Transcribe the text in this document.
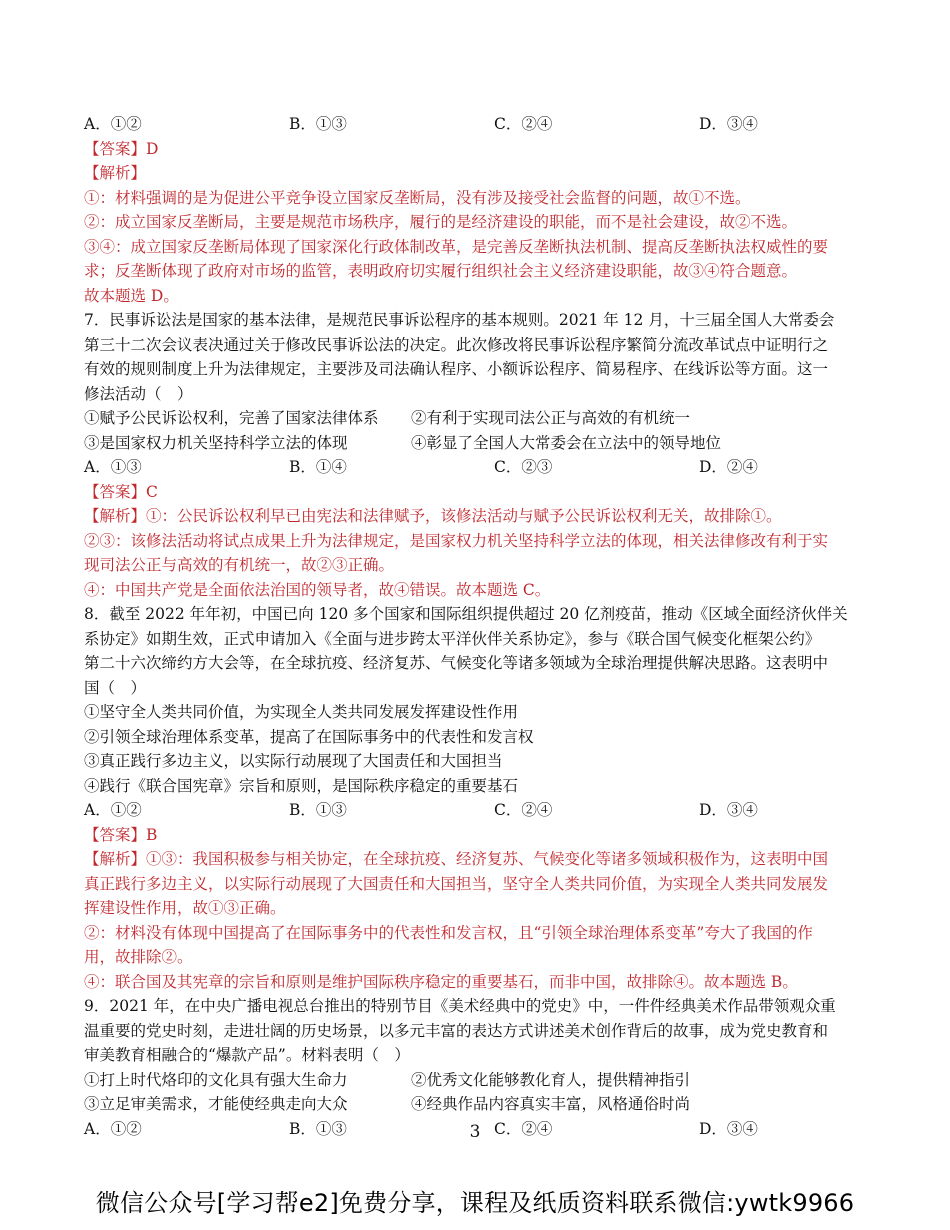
A．①②	B．①③	C．②④	D．③④
【答案】D
【解析】
①：材料强调的是为促进公平竞争设立国家反垄断局，没有涉及接受社会监督的问题，故①不选。
②：成立国家反垄断局，主要是规范市场秩序，履行的是经济建设的职能，而不是社会建设，故②不选。
③④：成立国家反垄断局体现了国家深化行政体制改革，是完善反垄断执法机制、提高反垄断执法权威性的要
求；反垄断体现了政府对市场的监管，表明政府切实履行组织社会主义经济建设职能，故③④符合题意。
故本题选 D。
7．民事诉讼法是国家的基本法律，是规范民事诉讼程序的基本规则。2021 年 12 月，十三届全国人大常委会
第三十二次会议表决通过关于修改民事诉讼法的决定。此次修改将民事诉讼程序繁简分流改革试点中证明行之
有效的规则制度上升为法律规定，主要涉及司法确认程序、小额诉讼程序、简易程序、在线诉讼等方面。这一
修法活动（　）
①赋予公民诉讼权利，完善了国家法律体系	②有利于实现司法公正与高效的有机统一
③是国家权力机关坚持科学立法的体现	④彰显了全国人大常委会在立法中的领导地位
A．①③	B．①④	C．②③	D．②④
【答案】C
【解析】①：公民诉讼权利早已由宪法和法律赋予，该修法活动与赋予公民诉讼权利无关，故排除①。
②③：该修法活动将试点成果上升为法律规定，是国家权力机关坚持科学立法的体现，相关法律修改有利于实
现司法公正与高效的有机统一，故②③正确。
④：中国共产党是全面依法治国的领导者，故④错误。故本题选 C。
8．截至 2022 年年初，中国已向 120 多个国家和国际组织提供超过 20 亿剂疫苗，推动《区域全面经济伙伴关
系协定》如期生效，正式申请加入《全面与进步跨太平洋伙伴关系协定》，参与《联合国气候变化框架公约》
第二十六次缔约方大会等，在全球抗疫、经济复苏、气候变化等诸多领域为全球治理提供解决思路。这表明中
国（　）
①坚守全人类共同价值，为实现全人类共同发展发挥建设性作用
②引领全球治理体系变革，提高了在国际事务中的代表性和发言权
③真正践行多边主义，以实际行动展现了大国责任和大国担当
④践行《联合国宪章》宗旨和原则，是国际秩序稳定的重要基石
A．①②	B．①③	C．②④	D．③④
【答案】B
【解析】①③：我国积极参与相关协定，在全球抗疫、经济复苏、气候变化等诸多领域积极作为，这表明中国
真正践行多边主义，以实际行动展现了大国责任和大国担当，坚守全人类共同价值，为实现全人类共同发展发
挥建设性作用，故①③正确。
②：材料没有体现中国提高了在国际事务中的代表性和发言权，且“引领全球治理体系变革”夸大了我国的作
用，故排除②。
④：联合国及其宪章的宗旨和原则是维护国际秩序稳定的重要基石，而非中国，故排除④。故本题选 B。
9．2021 年，在中央广播电视总台推出的特别节目《美术经典中的党史》中，一件件经典美术作品带领观众重
温重要的党史时刻，走进壮阔的历史场景，以多元丰富的表达方式讲述美术创作背后的故事，成为党史教育和
审美教育相融合的“爆款产品”。材料表明（　）
①打上时代烙印的文化具有强大生命力	②优秀文化能够教化育人，提供精神指引
③立足审美需求，才能使经典走向大众	④经典作品内容真实丰富，风格通俗时尚
A．①②	B．①③	C．②④	D．③④
3
微信公众号[学习帮e2]免费分享，课程及纸质资料联系微信:ywtk9966
